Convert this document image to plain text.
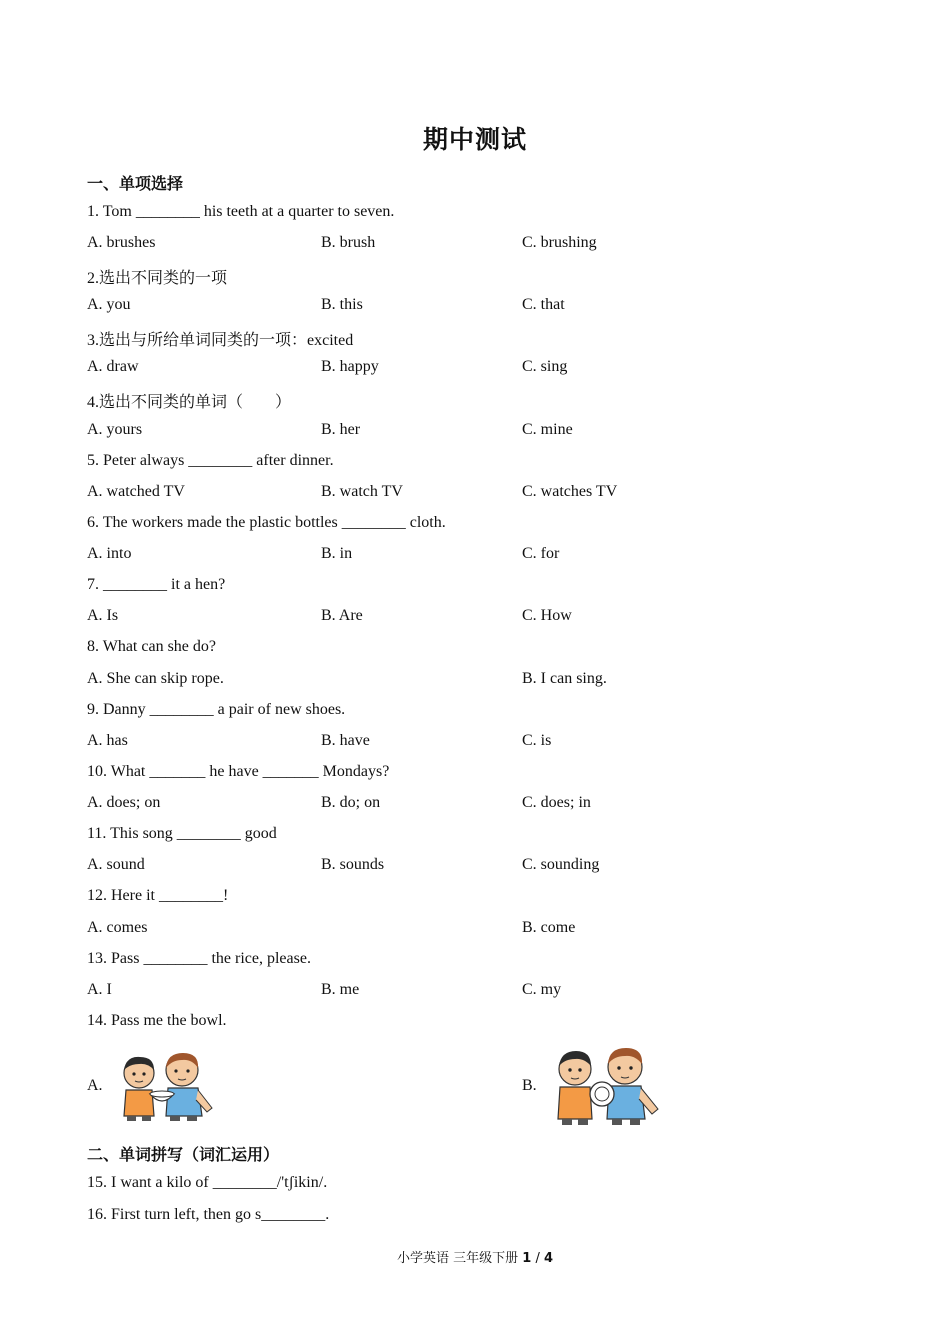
期中测试
一、单项选择
1. Tom ________ his teeth at a quarter to seven.
A. brushes	B. brush	C. brushing
2.选出不同类的一项
A. you	B. this	C. that
3.选出与所给单词同类的一项：excited
A. draw	B. happy	C. sing
4.选出不同类的单词（　　）
A. yours	B. her	C. mine
5. Peter always ________ after dinner.
A. watched TV	B. watch TV	C. watches TV
6. The workers made the plastic bottles ________ cloth.
A. into	B. in	C. for
7. ________ it a hen?
A. Is	B. Are	C. How
8. What can she do?
A. She can skip rope.	B. I can sing.
9. Danny ________ a pair of new shoes.
A. has	B. have	C. is
10. What _______ he have _______ Mondays?
A. does; on	B. do; on	C. does; in
11. This song ________ good
A. sound	B. sounds	C. sounding
12. Here it ________!
A. comes	B. come
13. Pass ________ the rice, please.
A. I	B. me	C. my
14. Pass me the bowl.
A.	B.
二、单词拼写（词汇运用）
15. I want a kilo of ________/'tʃikin/.
16. First turn left, then go s________.
小学英语 三年级下册 1 / 4
